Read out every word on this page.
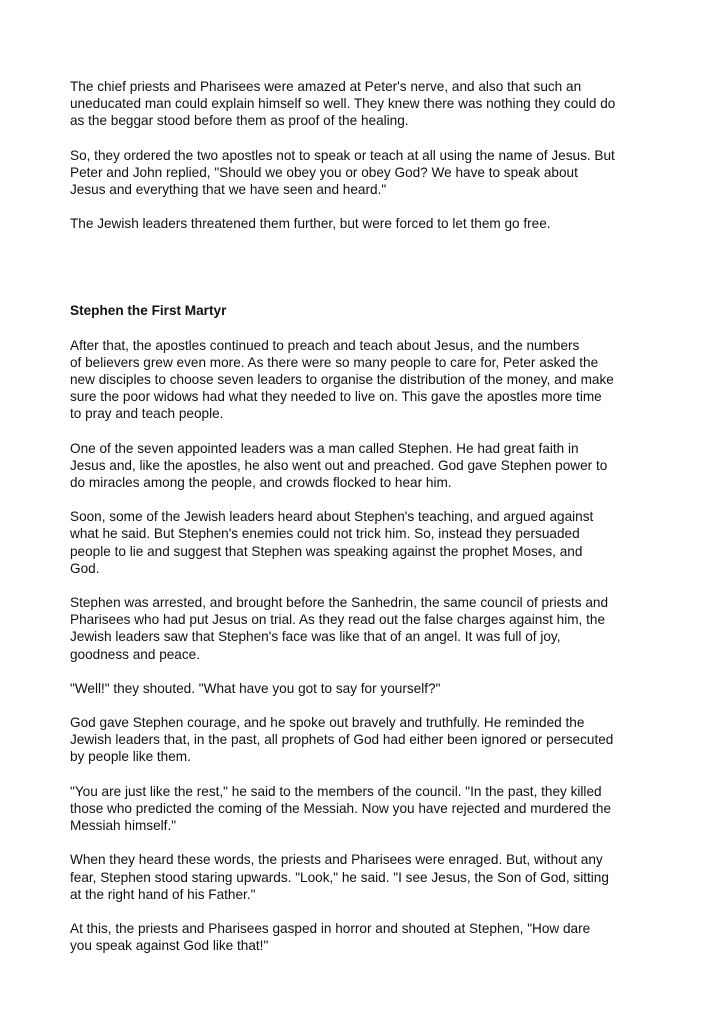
The chief priests and Pharisees were amazed at Peter's nerve, and also that such an
uneducated man could explain himself so well. They knew there was nothing they could do
as the beggar stood before them as proof of the healing.

So, they ordered the two apostles not to speak or teach at all using the name of Jesus. But
Peter and John replied, "Should we obey you or obey God? We have to speak about
Jesus and everything that we have seen and heard."

The Jewish leaders threatened them further, but were forced to let them go free.

Stephen the First Martyr

After that, the apostles continued to preach and teach about Jesus, and the numbers
of believers grew even more. As there were so many people to care for, Peter asked the
new disciples to choose seven leaders to organise the distribution of the money, and make
sure the poor widows had what they needed to live on. This gave the apostles more time
to pray and teach people.

One of the seven appointed leaders was a man called Stephen. He had great faith in
Jesus and, like the apostles, he also went out and preached. God gave Stephen power to
do miracles among the people, and crowds flocked to hear him.

Soon, some of the Jewish leaders heard about Stephen's teaching, and argued against
what he said. But Stephen's enemies could not trick him. So, instead they persuaded
people to lie and suggest that Stephen was speaking against the prophet Moses, and
God.

Stephen was arrested, and brought before the Sanhedrin, the same council of priests and
Pharisees who had put Jesus on trial. As they read out the false charges against him, the
Jewish leaders saw that Stephen's face was like that of an angel. It was full of joy,
goodness and peace.

"Well!" they shouted. "What have you got to say for yourself?"

God gave Stephen courage, and he spoke out bravely and truthfully. He reminded the
Jewish leaders that, in the past, all prophets of God had either been ignored or persecuted
by people like them.

"You are just like the rest," he said to the members of the council. "In the past, they killed
those who predicted the coming of the Messiah. Now you have rejected and murdered the
Messiah himself."

When they heard these words, the priests and Pharisees were enraged. But, without any
fear, Stephen stood staring upwards. "Look," he said. "I see Jesus, the Son of God, sitting
at the right hand of his Father."

At this, the priests and Pharisees gasped in horror and shouted at Stephen, "How dare
you speak against God like that!"
